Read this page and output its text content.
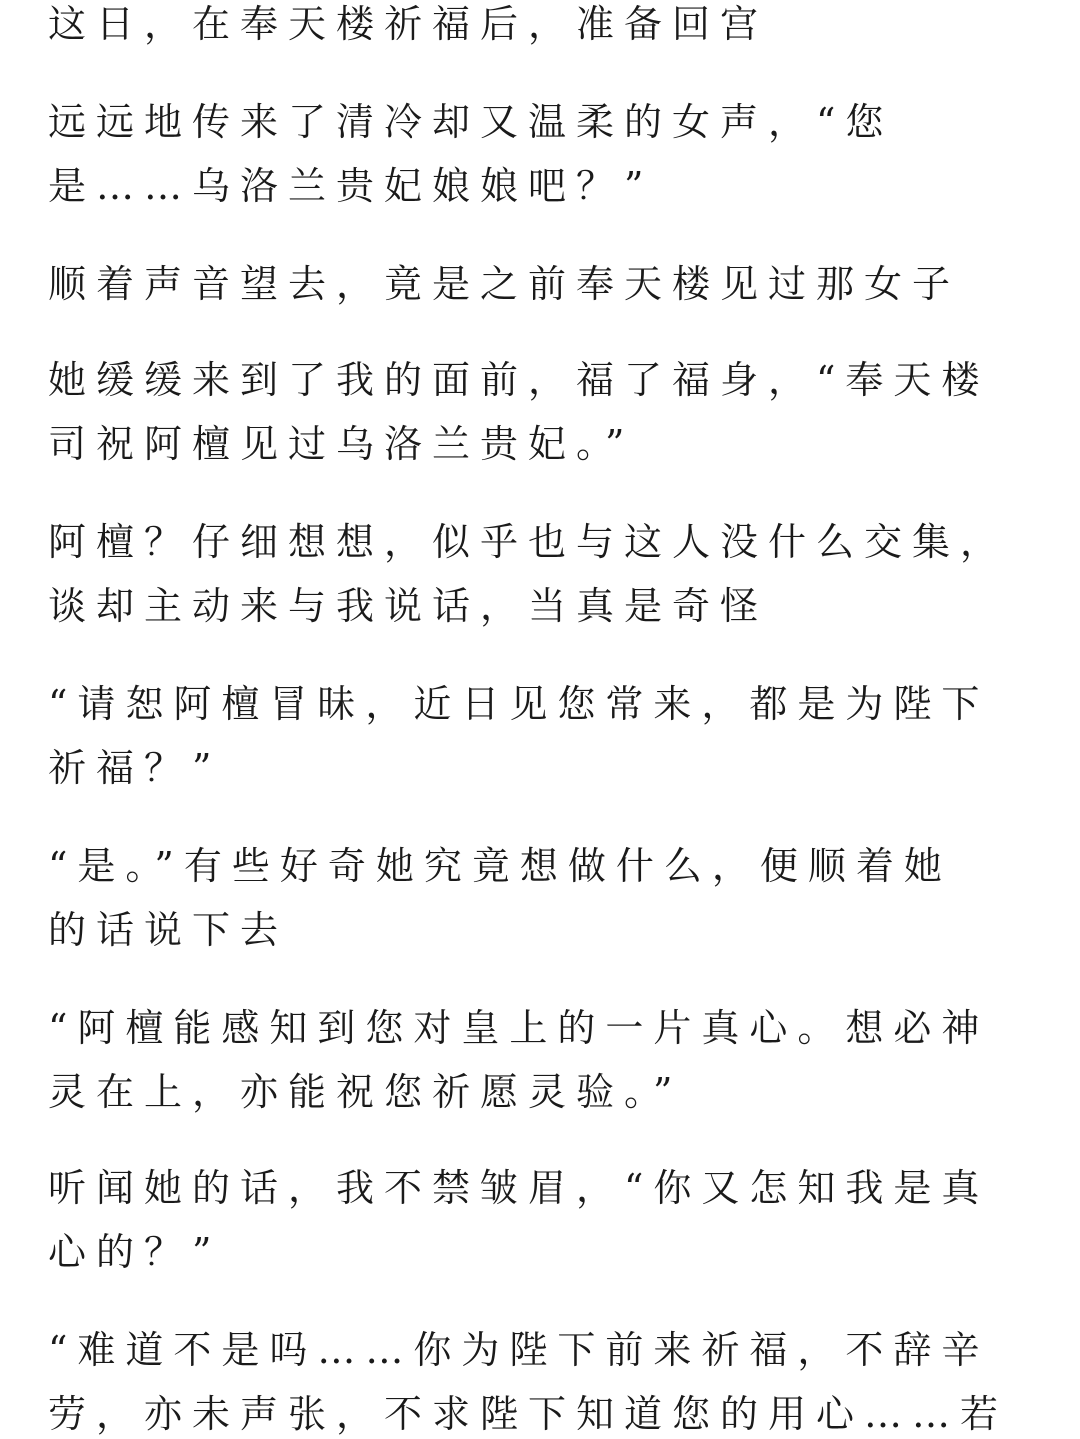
这日，在奉天楼祈福后，准备回宫
远远地传来了清冷却又温柔的女声，“您
是……乌洛兰贵妃娘娘吧？”
顺着声音望去，竟是之前奉天楼见过那女子
她缓缓来到了我的面前，福了福身，“奉天楼
司祝阿檀见过乌洛兰贵妃。”
阿檀？仔细想想，似乎也与这人没什么交集，
谈却主动来与我说话，当真是奇怪
“请恕阿檀冒昧，近日见您常来，都是为陛下
祈福？”
“是。”有些好奇她究竟想做什么，便顺着她
的话说下去
“阿檀能感知到您对皇上的一片真心。想必神
灵在上，亦能祝您祈愿灵验。”
听闻她的话，我不禁皱眉，“你又怎知我是真
心的？”
“难道不是吗……你为陛下前来祈福，不辞辛
劳，亦未声张，不求陛下知道您的用心……若
